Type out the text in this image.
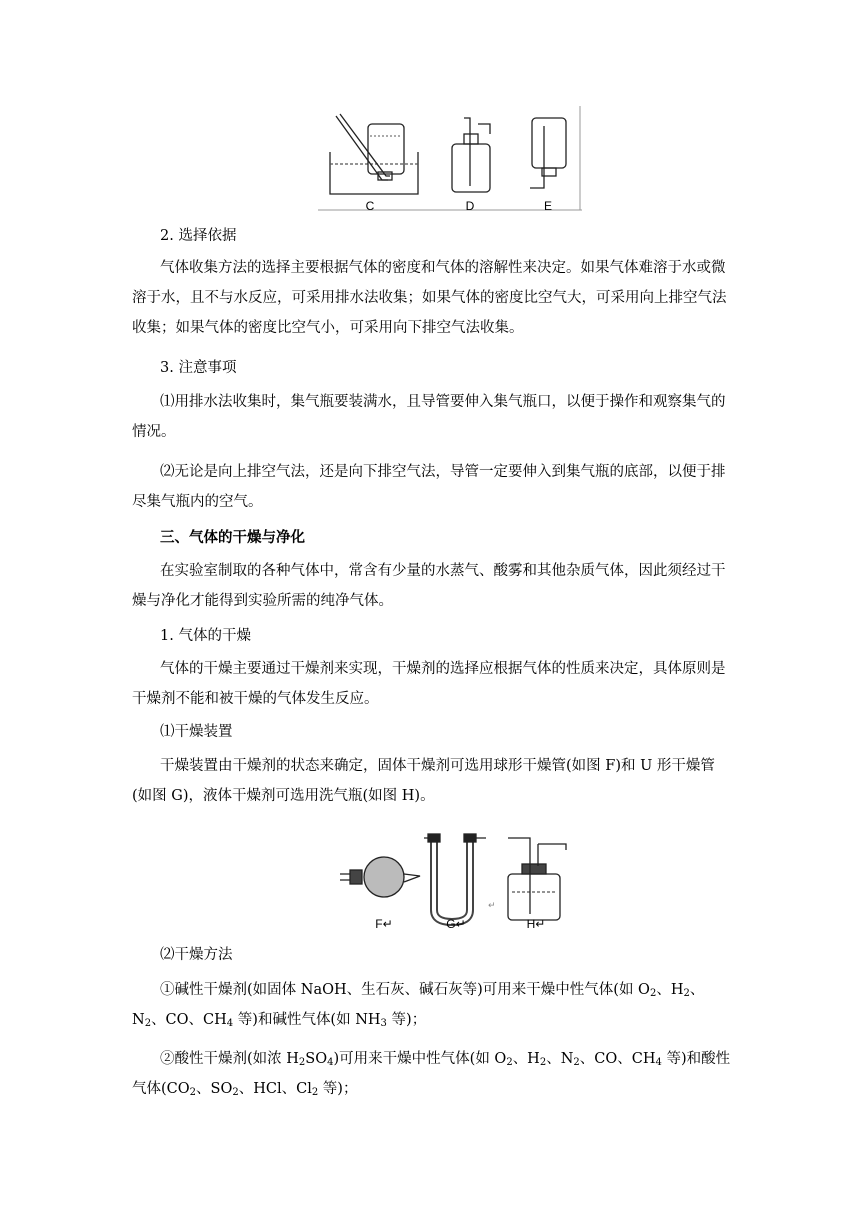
C	D	E

2. 选择依据

气体收集方法的选择主要根据气体的密度和气体的溶解性来决定。如果气体难溶于水或微溶于水，且不与水反应，可采用排水法收集；如果气体的密度比空气大，可采用向上排空气法收集；如果气体的密度比空气小，可采用向下排空气法收集。

3. 注意事项

⑴用排水法收集时，集气瓶要装满水，且导管要伸入集气瓶口，以便于操作和观察集气的情况。

⑵无论是向上排空气法，还是向下排空气法，导管一定要伸入到集气瓶的底部，以便于排尽集气瓶内的空气。

三、气体的干燥与净化

在实验室制取的各种气体中，常含有少量的水蒸气、酸雾和其他杂质气体，因此须经过干燥与净化才能得到实验所需的纯净气体。

1. 气体的干燥

气体的干燥主要通过干燥剂来实现，干燥剂的选择应根据气体的性质来决定，具体原则是干燥剂不能和被干燥的气体发生反应。

⑴干燥装置

干燥装置由干燥剂的状态来确定，固体干燥剂可选用球形干燥管(如图 F)和 U 形干燥管(如图 G)，液体干燥剂可选用洗气瓶(如图 H)。

F↵	G↵
↵
H↵

⑵干燥方法

①碱性干燥剂(如固体 NaOH、生石灰、碱石灰等)可用来干燥中性气体(如 $O_2$、$H_2$、$N_2$、CO、$CH_4$ 等)和碱性气体(如 $NH_3$ 等)；

②酸性干燥剂(如浓 $H_2SO_4$)可用来干燥中性气体(如 $O_2$、$H_2$、$N_2$、CO、$CH_4$ 等)和酸性气体($CO_2$、$SO_2$、HCl、$Cl_2$ 等)；
